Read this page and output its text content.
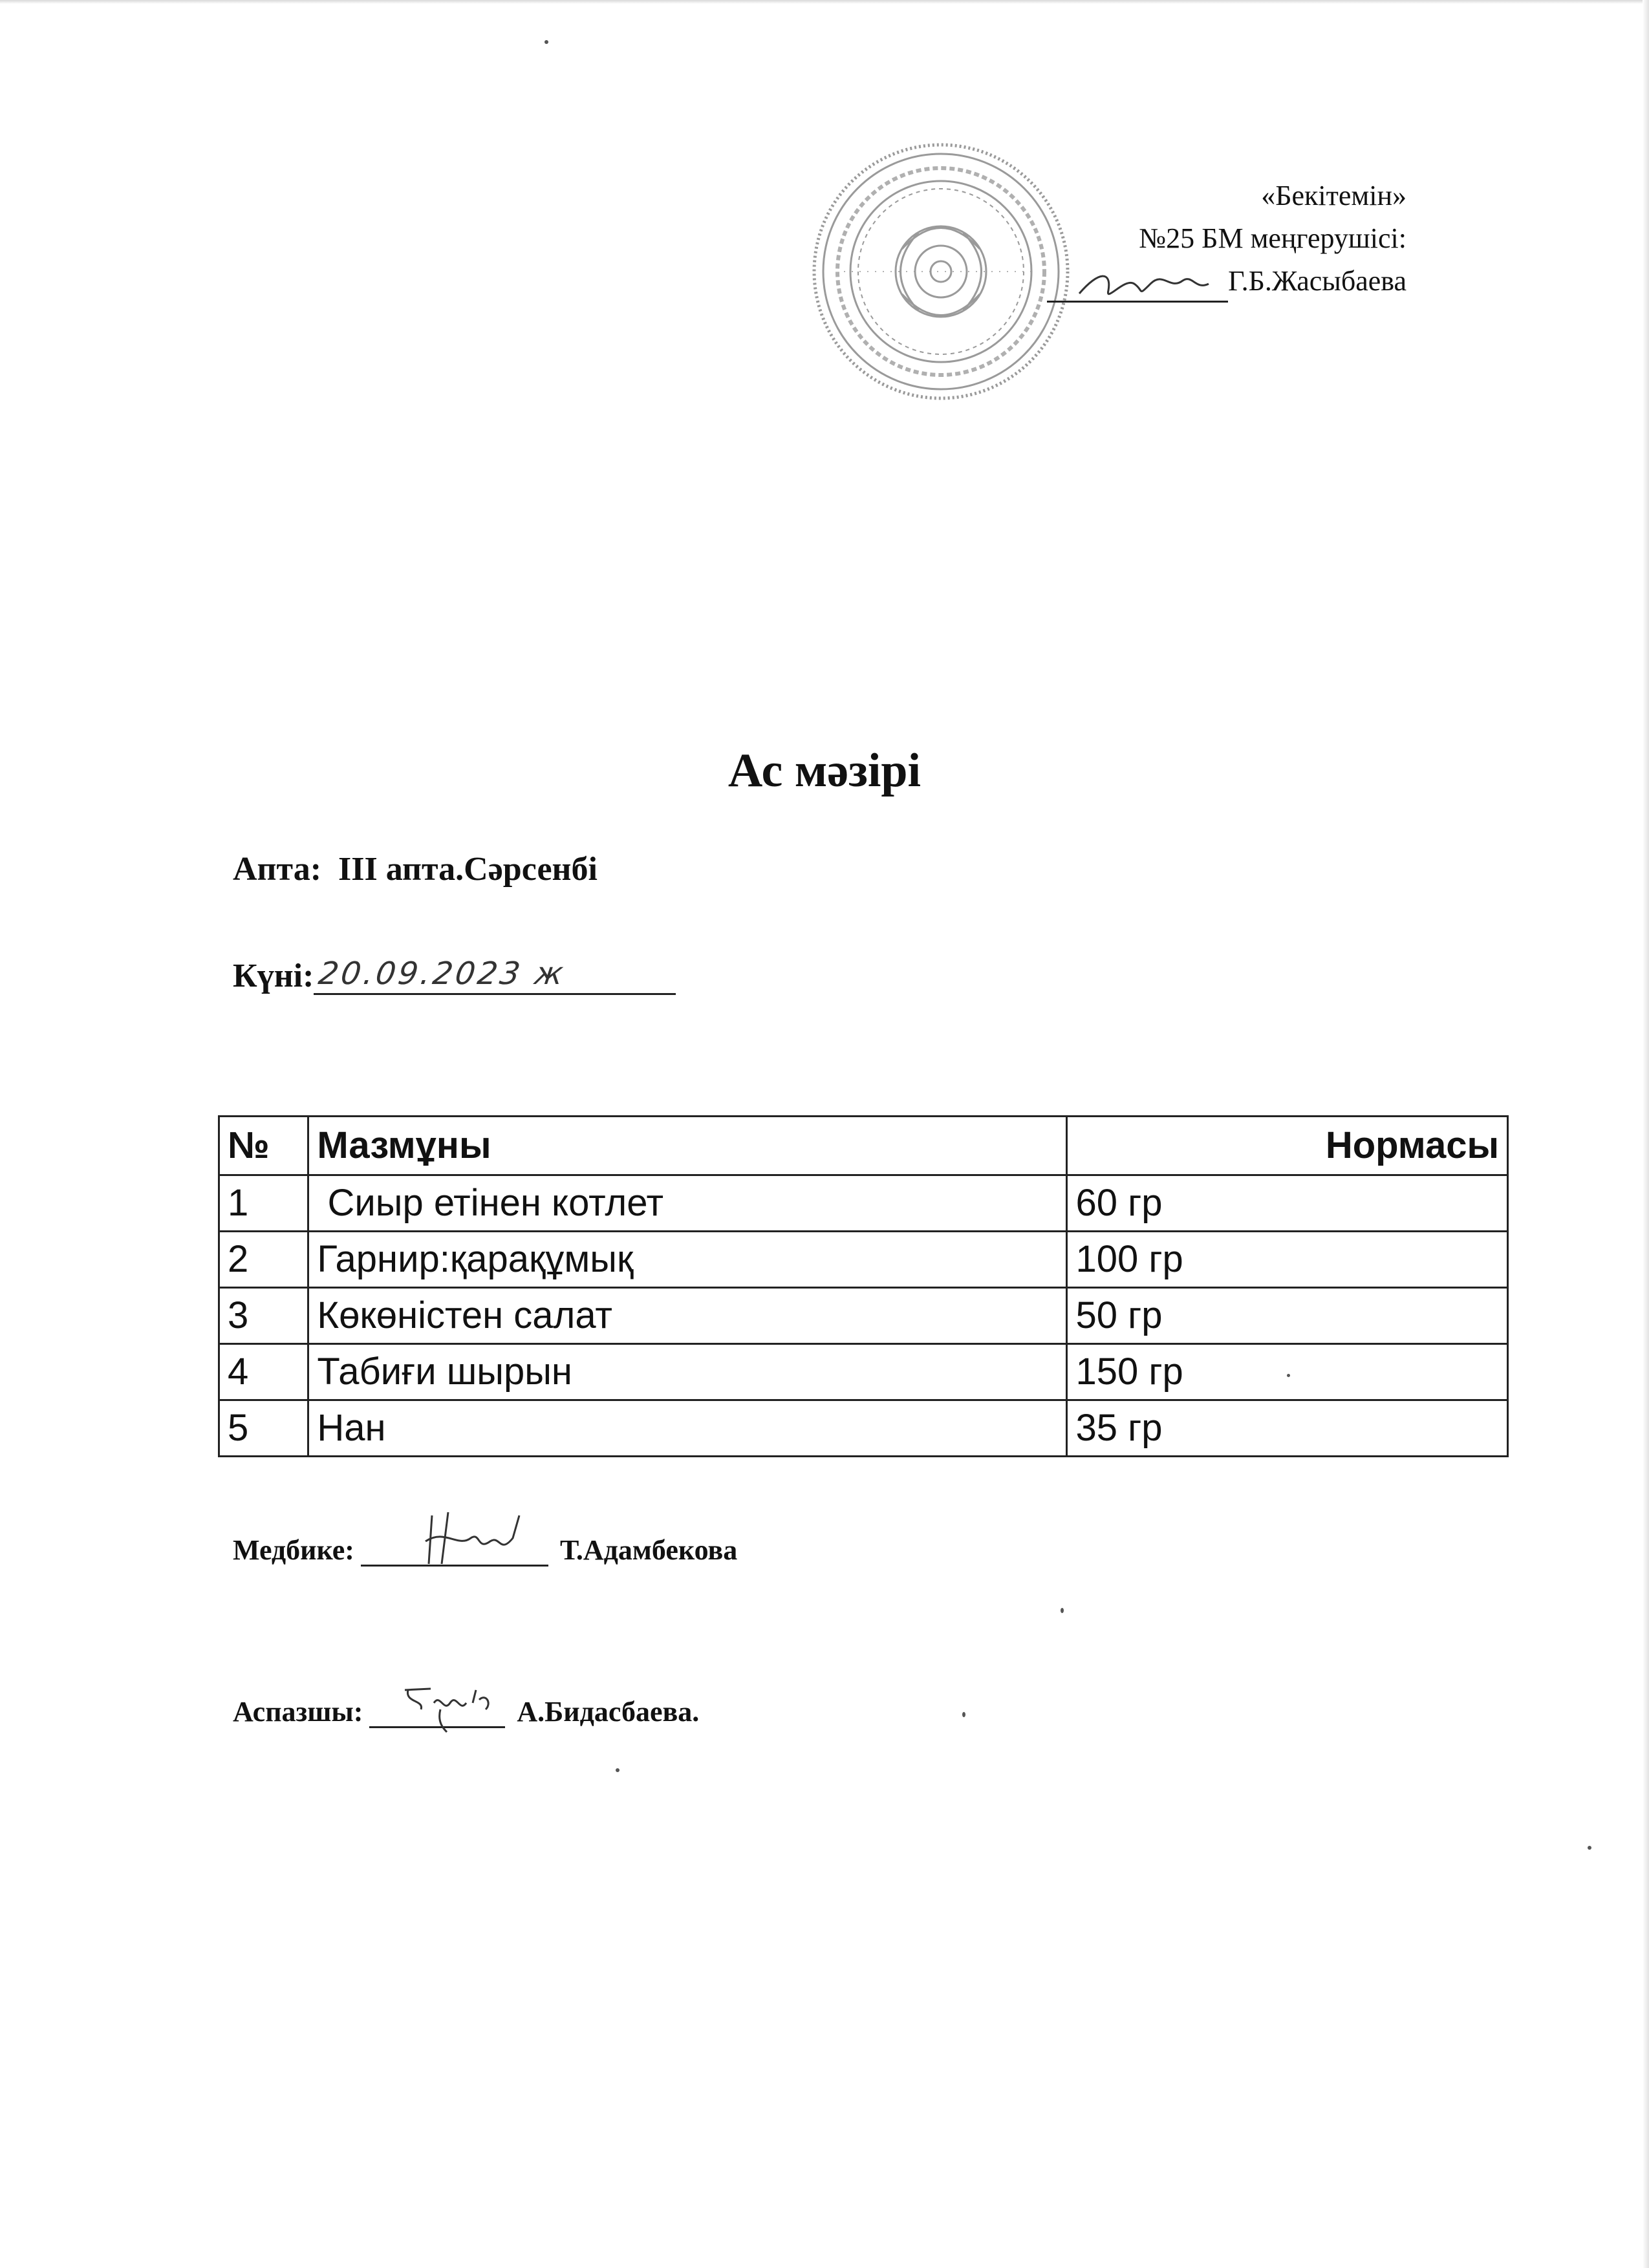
«Бекітемін»
№25 БМ меңгерушісі:
Г.Б.Жасыбаева
Ас мәзірі
Апта: ІІІ апта.Сәрсенбі
Күні: 20.09.2023 ж
№	Мазмұны	Нормасы
1	Сиыр етінен котлет	60 гр
2	Гарнир:қарақұмық	100 гр
3	Көкөністен салат	50 гр
4	Табиғи шырын	150 гр
5	Нан	35 гр
Медбике:	Т.Адамбекова
Аспазшы:	А.Бидасбаева.
